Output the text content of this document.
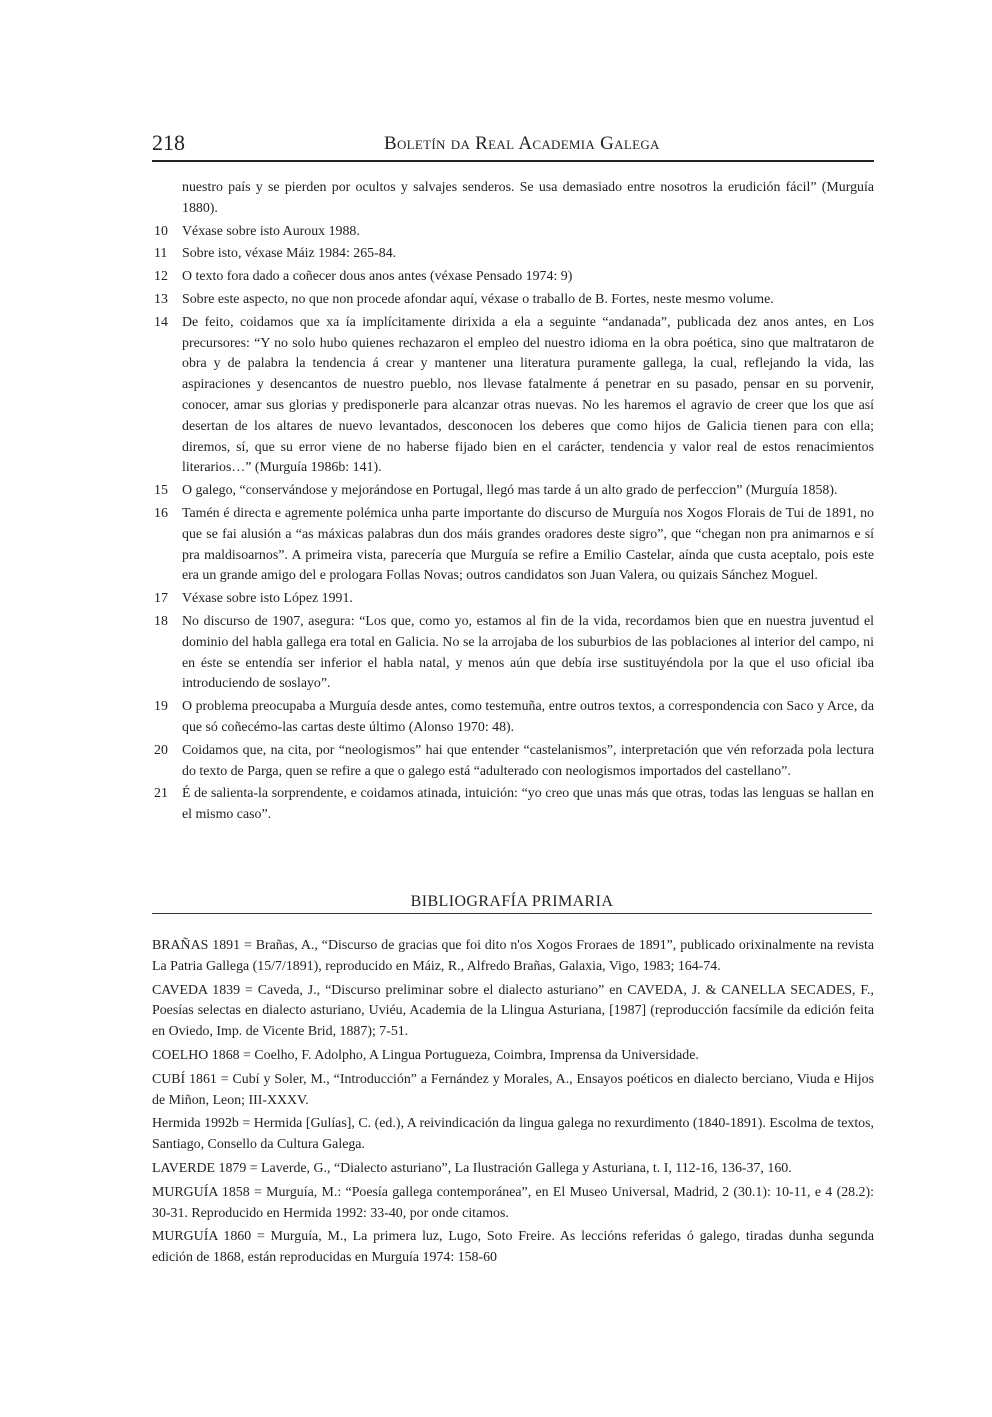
218	Boletín da Real Academia Galega
nuestro país y se pierden por ocultos y salvajes senderos. Se usa demasiado entre nosotros la erudición fácil” (Murguía 1880).
10 Véxase sobre isto Auroux 1988.
11 Sobre isto, véxase Máiz 1984: 265-84.
12 O texto fora dado a coñecer dous anos antes (véxase Pensado 1974: 9)
13 Sobre este aspecto, no que non procede afondar aquí, véxase o traballo de B. Fortes, neste mesmo volume.
14 De feito, coidamos que xa ía implícitamente dirixida a ela a seguinte “andanada”, publicada dez anos antes, en Los precursores: “Y no solo hubo quienes rechazaron el empleo del nuestro idioma en la obra poética, sino que maltrataron de obra y de palabra la tendencia á crear y mantener una literatura puramente gallega, la cual, reflejando la vida, las aspiraciones y desencantos de nuestro pueblo, nos llevase fatalmente á penetrar en su pasado, pensar en su porvenir, conocer, amar sus glorias y predisponerle para alcanzar otras nuevas. No les haremos el agravio de creer que los que así desertan de los altares de nuevo levantados, desconocen los deberes que como hijos de Galicia tienen para con ella; diremos, sí, que su error viene de no haberse fijado bien en el carácter, tendencia y valor real de estos renacimientos literarios…” (Murguía 1986b: 141).
15 O galego, “conservándose y mejorándose en Portugal, llegó mas tarde á un alto grado de perfeccion” (Murguía 1858).
16 Tamén é directa e agremente polémica unha parte importante do discurso de Murguía nos Xogos Florais de Tui de 1891, no que se fai alusión a “as máxicas palabras dun dos máis grandes oradores deste sigro”, que “chegan non pra animarnos e sí pra maldisoarnos”. A primeira vista, parecería que Murguía se refire a Emilio Castelar, aínda que custa aceptalo, pois este era un grande amigo del e prologara Follas Novas; outros candidatos son Juan Valera, ou quizais Sánchez Moguel.
17 Véxase sobre isto López 1991.
18 No discurso de 1907, asegura: “Los que, como yo, estamos al fin de la vida, recordamos bien que en nuestra juventud el dominio del habla gallega era total en Galicia. No se la arrojaba de los suburbios de las poblaciones al interior del campo, ni en éste se entendía ser inferior el habla natal, y menos aún que debía irse sustituyéndola por la que el uso oficial iba introduciendo de soslayo”.
19 O problema preocupaba a Murguía desde antes, como testemuña, entre outros textos, a correspondencia con Saco y Arce, da que só coñecémo-las cartas deste último (Alonso 1970: 48).
20 Coidamos que, na cita, por “neologismos” hai que entender “castelanismos”, interpretación que vén reforzada pola lectura do texto de Parga, quen se refire a que o galego está “adulterado con neologismos importados del castellano”.
21 É de salienta-la sorprendente, e coidamos atinada, intuición: “yo creo que unas más que otras, todas las lenguas se hallan en el mismo caso”.
BIBLIOGRAFÍA PRIMARIA
BRAÑAS 1891 = Brañas, A., “Discurso de gracias que foi dito n'os Xogos Froraes de 1891”, publicado orixinalmente na revista La Patria Gallega (15/7/1891), reproducido en Máiz, R., Alfredo Brañas, Galaxia, Vigo, 1983; 164-74.
CAVEDA 1839 = Caveda, J., “Discurso preliminar sobre el dialecto asturiano” en CAVEDA, J. & CANELLA SECADES, F., Poesías selectas en dialecto asturiano, Uviéu, Academia de la Llingua Asturiana, [1987] (reproducción facsímile da edición feita en Oviedo, Imp. de Vicente Brid, 1887); 7-51.
COELHO 1868 = Coelho, F. Adolpho, A Lingua Portugueza, Coimbra, Imprensa da Universidade.
CUBÍ 1861 = Cubí y Soler, M., “Introducción” a Fernández y Morales, A., Ensayos poéticos en dialecto berciano, Viuda e Hijos de Miñon, Leon; III-XXXV.
Hermida 1992b = Hermida [Gulías], C. (ed.), A reivindicación da lingua galega no rexurdimento (1840-1891). Escolma de textos, Santiago, Consello da Cultura Galega.
LAVERDE 1879 = Laverde, G., “Dialecto asturiano”, La Ilustración Gallega y Asturiana, t. I, 112-16, 136-37, 160.
MURGUÍA 1858 = Murguía, M.: “Poesía gallega contemporánea”, en El Museo Universal, Madrid, 2 (30.1): 10-11, e 4 (28.2): 30-31. Reproducido en Hermida 1992: 33-40, por onde citamos.
MURGUÍA 1860 = Murguía, M., La primera luz, Lugo, Soto Freire. As leccións referidas ó galego, tiradas dunha segunda edición de 1868, están reproducidas en Murguía 1974: 158-60
